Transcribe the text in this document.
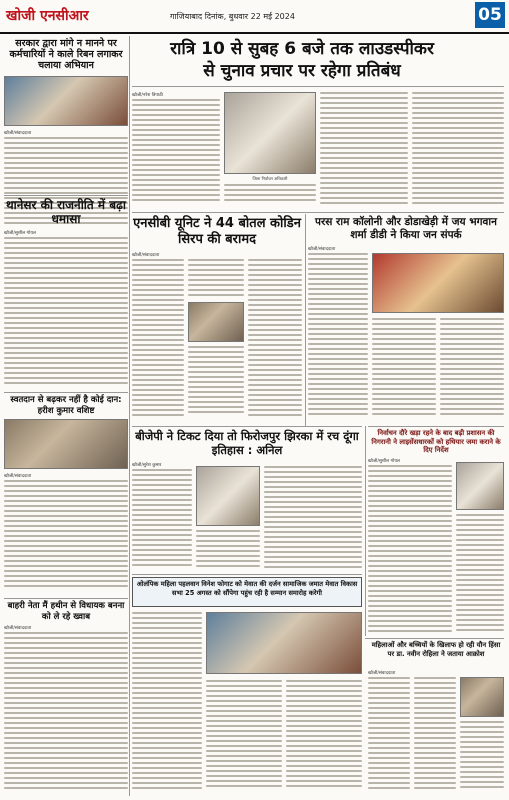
खोजी एनसीआर	गाजियाबाद दिनांक, बुधवार 22 मई 2024	05
सरकार द्वारा मांगे न मानने पर कर्मचारियों ने काले रिबन लगाकर चलाया अभियान
खोजी/संवाददाता
रात्रि 10 से सुबह 6 बजे तक लाउडस्पीकर
से चुनाव प्रचार पर रहेगा प्रतिबंध
खोजी/नरेश त्रिपाठी
जिला निर्वाचन अधिकारी
थानेसर की राजनीति में बढ़ा धमासा
खोजी/सुशील गोयल
स्वतदान से बढ़कर नहीं है कोई दान: हरीश कुमार वशिष्ट
खोजी/संवाददाता
बाहरी नेता मैं हथीन से विधायक बनना को ले रहे ख्वाब
खोजी/संवाददाता
एनसीबी यूनिट ने 44 बोतल कोडिन सिरप की बरामद
खोजी/संवाददाता
परस राम कॉलोनी और डोडाखेड़ी में जय भगवान शर्मा डीडी ने किया जन संपर्क
खोजी/संवाददाता
बीजेपी ने टिकट दिया तो फिरोजपुर झिरका में रच दूंगा इतिहास : अनिल
खोजी/सुरेश कुमार
ओलंपिक महिला पहलवान विनेश फोगाट को मेवात की दर्जन सामाजिक जमात मेवात विकास सभा 25 अगस्त को सौंपेगा पहुंच रही है सम्मान समारोह करेगी
निर्वाचन दौरे खड़ा रहने के बाद बढ़ी प्रशासन की निगरानी ने लाइसेंसधारकों को हथियार जमा कराने के दिए निर्देश
खोजी/सुशील गोयल
महिलाओं और बच्चियों के खिलाफ हो रही यौन हिंसा पर डा. नवीन रोहिला ने जताया आक्रोश
खोजी/संवाददाता
